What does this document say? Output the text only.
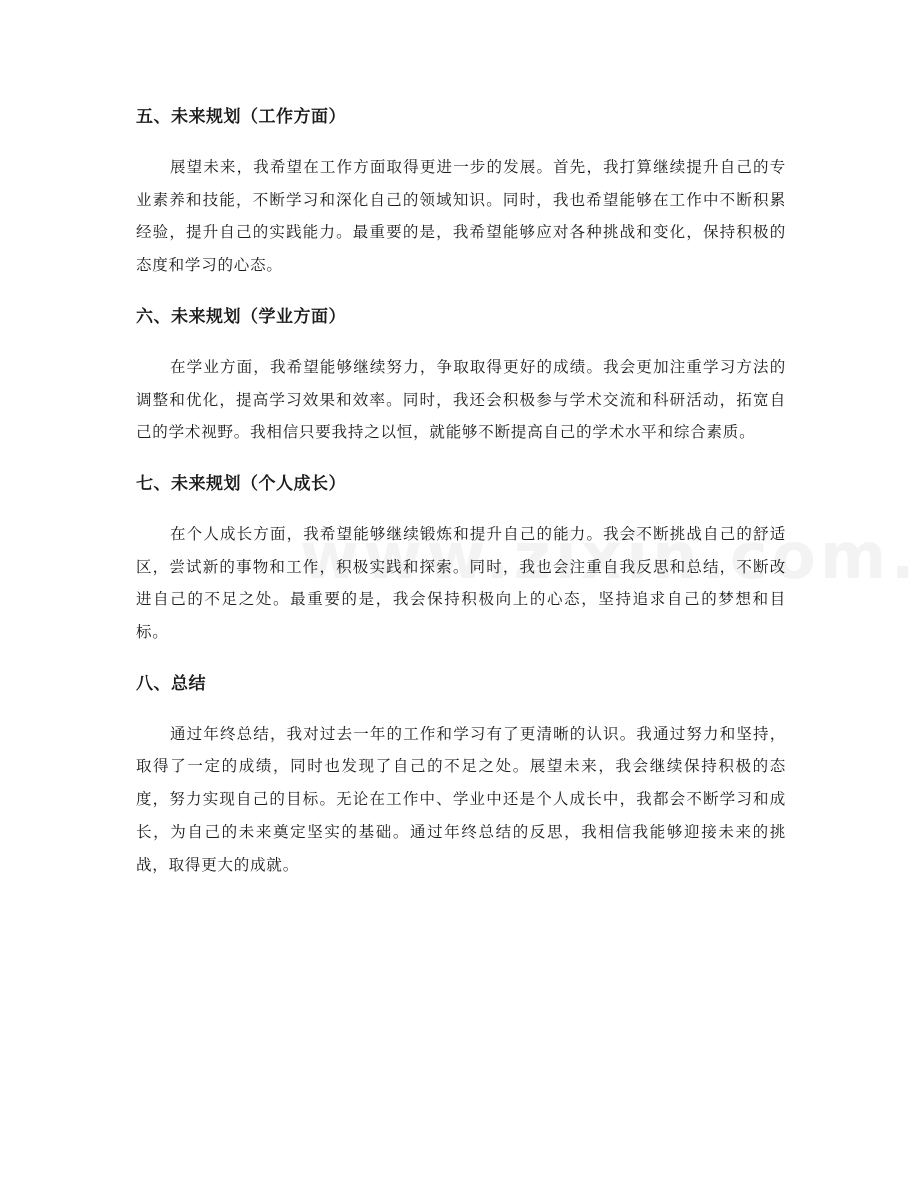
五、未来规划（工作方面）

展望未来，我希望在工作方面取得更进一步的发展。首先，我打算继续提升自己的专业素养和技能，不断学习和深化自己的领域知识。同时，我也希望能够在工作中不断积累经验，提升自己的实践能力。最重要的是，我希望能够应对各种挑战和变化，保持积极的态度和学习的心态。

六、未来规划（学业方面）

在学业方面，我希望能够继续努力，争取取得更好的成绩。我会更加注重学习方法的调整和优化，提高学习效果和效率。同时，我还会积极参与学术交流和科研活动，拓宽自己的学术视野。我相信只要我持之以恒，就能够不断提高自己的学术水平和综合素质。

七、未来规划（个人成长）

在个人成长方面，我希望能够继续锻炼和提升自己的能力。我会不断挑战自己的舒适区，尝试新的事物和工作，积极实践和探索。同时，我也会注重自我反思和总结，不断改进自己的不足之处。最重要的是，我会保持积极向上的心态，坚持追求自己的梦想和目标。

八、总结

通过年终总结，我对过去一年的工作和学习有了更清晰的认识。我通过努力和坚持，取得了一定的成绩，同时也发现了自己的不足之处。展望未来，我会继续保持积极的态度，努力实现自己的目标。无论在工作中、学业中还是个人成长中，我都会不断学习和成长，为自己的未来奠定坚实的基础。通过年终总结的反思，我相信我能够迎接未来的挑战，取得更大的成就。
